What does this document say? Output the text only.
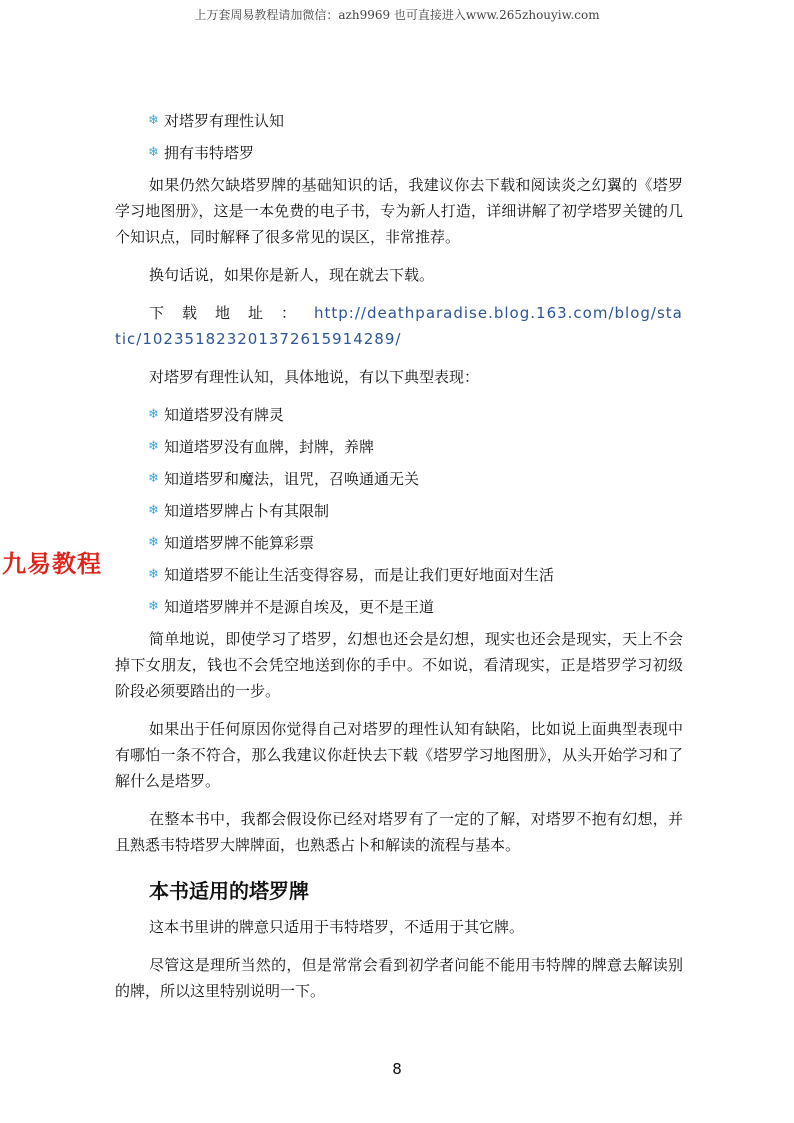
上万套周易教程请加微信：azh9969 也可直接进入www.265zhouyiw.com
九易教程

❄ 对塔罗有理性认知

❄ 拥有韦特塔罗

如果仍然欠缺塔罗牌的基础知识的话，我建议你去下载和阅读炎之幻翼的《塔罗学习地图册》，这是一本免费的电子书，专为新人打造，详细讲解了初学塔罗关键的几个知识点，同时解释了很多常见的误区，非常推荐。

换句话说，如果你是新人，现在就去下载。

下载地址：http://deathparadise.blog.163.com/blog/static/10235182320137261591428​9/

对塔罗有理性认知，具体地说，有以下典型表现：

❄ 知道塔罗没有牌灵

❄ 知道塔罗没有血牌，封牌，养牌

❄ 知道塔罗和魔法，诅咒，召唤通通无关

❄ 知道塔罗牌占卜有其限制

❄ 知道塔罗牌不能算彩票

❄ 知道塔罗不能让生活变得容易，而是让我们更好地面对生活

❄ 知道塔罗牌并不是源自埃及，更不是王道

简单地说，即使学习了塔罗，幻想也还会是幻想，现实也还会是现实，天上不会掉下女朋友，钱也不会凭空地送到你的手中。不如说，看清现实，正是塔罗学习初级阶段必须要踏出的一步。

如果出于任何原因你觉得自己对塔罗的理性认知有缺陷，比如说上面典型表现中有哪怕一条不符合，那么我建议你赶快去下载《塔罗学习地图册》，从头开始学习和了解什么是塔罗。

在整本书中，我都会假设你已经对塔罗有了一定的了解，对塔罗不抱有幻想，并且熟悉韦特塔罗大牌牌面，也熟悉占卜和解读的流程与基本。

本书适用的塔罗牌

这本书里讲的牌意只适用于韦特塔罗，不适用于其它牌。

尽管这是理所当然的，但是常常会看到初学者问能不能用韦特牌的牌意去解读别的牌，所以这里特别说明一下。

8
